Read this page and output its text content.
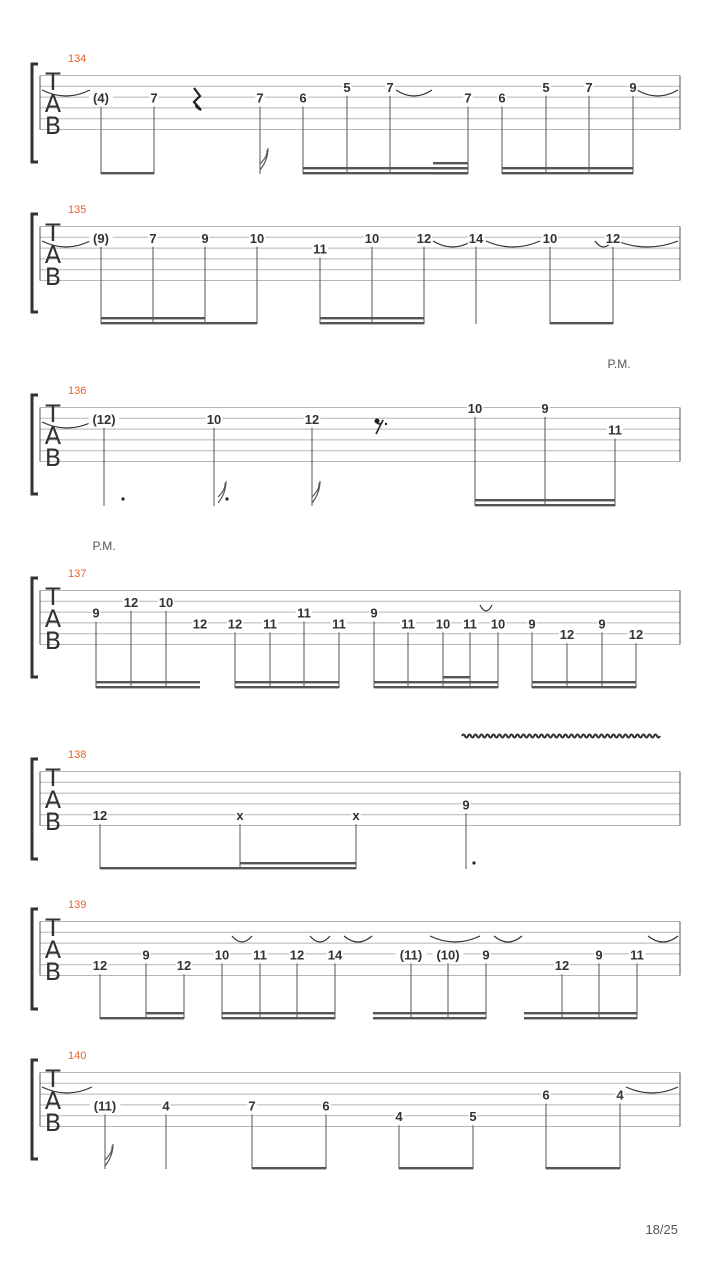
134
T
A
B
(4)	7	7	6
5	7
7 6
5	7	9
135
T
A
B
(9)	7	9	10
11
10	12	14	10	12
136
T
A
B
(12)	10	12
10	9
11
P.M.
137
T
A
B
9
12 10
12 12 11
11
11
9
11 10 11 10 9
12
9
12
P.M.
138
T
A
B 12	x	x
9
139
T
A
B 12
9
12
10 11 12 14	(11) (10) 9
12
9 11
140
T
A
B
(11)	4	7	6
4	5
6	4
18/25
